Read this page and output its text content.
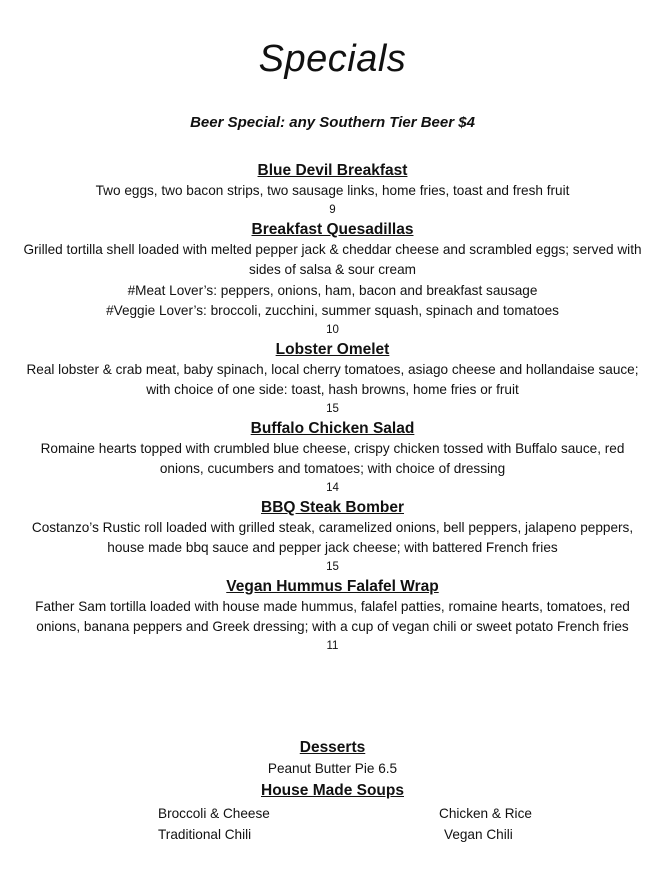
Specials
Beer Special: any Southern Tier Beer $4
Blue Devil Breakfast
Two eggs, two bacon strips, two sausage links, home fries, toast and fresh fruit
9
Breakfast Quesadillas
Grilled tortilla shell loaded with melted pepper jack & cheddar cheese and scrambled eggs; served with sides of salsa & sour cream
#Meat Lover’s: peppers, onions, ham, bacon and breakfast sausage
#Veggie Lover’s: broccoli, zucchini, summer squash, spinach and tomatoes
10
Lobster Omelet
Real lobster & crab meat, baby spinach, local cherry tomatoes, asiago cheese and hollandaise sauce; with choice of one side: toast, hash browns, home fries or fruit
15
Buffalo Chicken Salad
Romaine hearts topped with crumbled blue cheese, crispy chicken tossed with Buffalo sauce, red onions, cucumbers and tomatoes; with choice of dressing
14
BBQ Steak Bomber
Costanzo’s Rustic roll loaded with grilled steak, caramelized onions, bell peppers, jalapeno peppers, house made bbq sauce and pepper jack cheese; with battered French fries
15
Vegan Hummus Falafel Wrap
Father Sam tortilla loaded with house made hummus, falafel patties, romaine hearts, tomatoes, red onions, banana peppers and Greek dressing; with a cup of vegan chili or sweet potato French fries
11
Desserts
Peanut Butter Pie 6.5
House Made Soups
Broccoli & Cheese
Traditional Chili
Chicken & Rice
Vegan Chili
